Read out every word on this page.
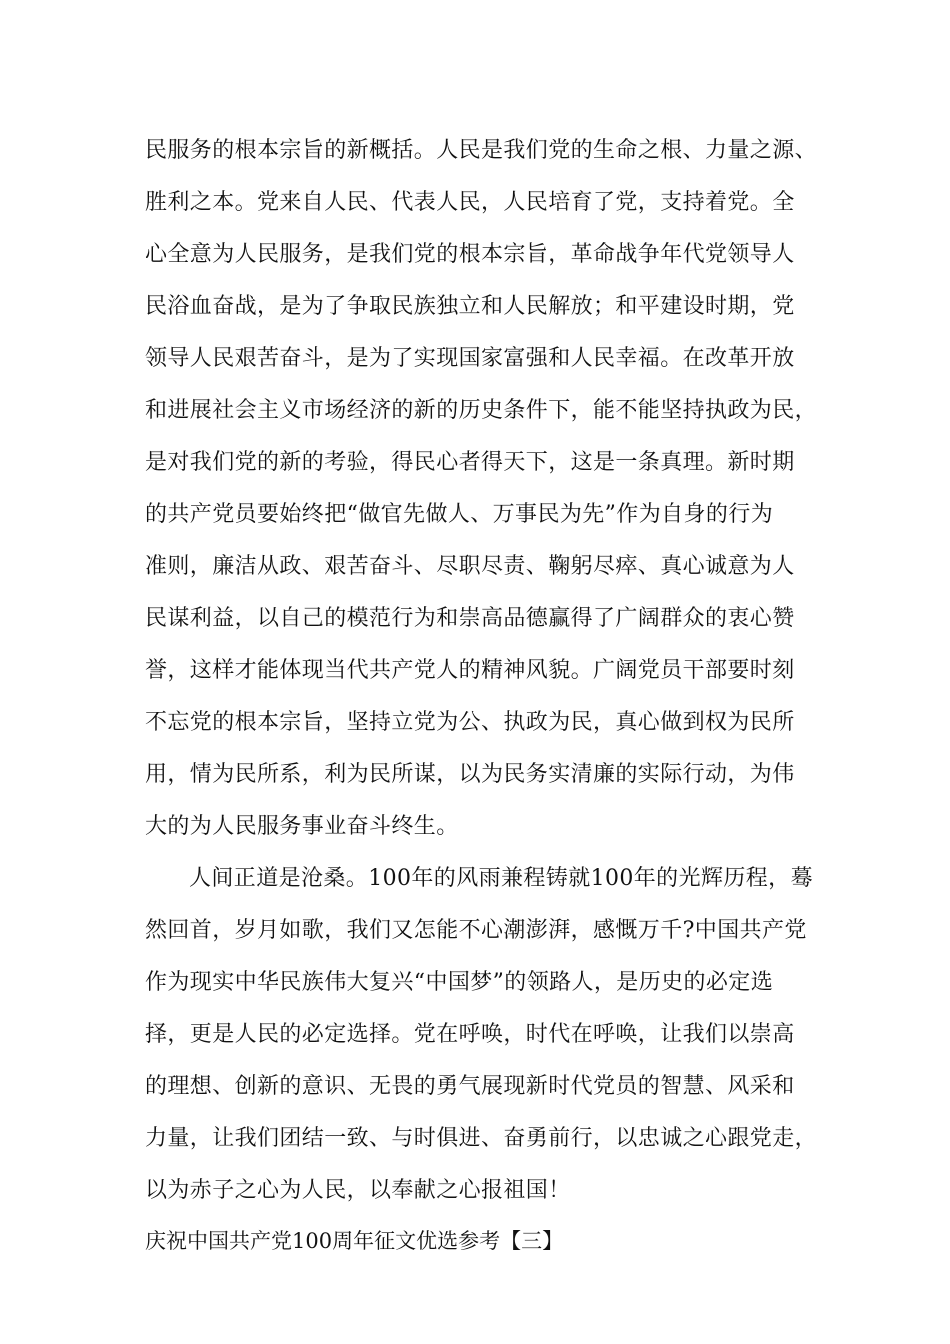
民服务的根本宗旨的新概括。人民是我们党的生命之根、力量之源、
胜利之本。党来自人民、代表人民，人民培育了党，支持着党。全
心全意为人民服务，是我们党的根本宗旨，革命战争年代党领导人
民浴血奋战，是为了争取民族独立和人民解放；和平建设时期，党
领导人民艰苦奋斗，是为了实现国家富强和人民幸福。在改革开放
和进展社会主义市场经济的新的历史条件下，能不能坚持执政为民，
是对我们党的新的考验，得民心者得天下，这是一条真理。新时期
的共产党员要始终把“做官先做人、万事民为先”作为自身的行为
准则，廉洁从政、艰苦奋斗、尽职尽责、鞠躬尽瘁、真心诚意为人
民谋利益，以自己的模范行为和崇高品德赢得了广阔群众的衷心赞
誉，这样才能体现当代共产党人的精神风貌。广阔党员干部要时刻
不忘党的根本宗旨，坚持立党为公、执政为民，真心做到权为民所
用，情为民所系，利为民所谋，以为民务实清廉的实际行动，为伟
大的为人民服务事业奋斗终生。
人间正道是沧桑。100年的风雨兼程铸就100年的光辉历程，蓦
然回首，岁月如歌，我们又怎能不心潮澎湃，感慨万千?中国共产党
作为现实中华民族伟大复兴“中国梦”的领路人，是历史的必定选
择，更是人民的必定选择。党在呼唤，时代在呼唤，让我们以崇高
的理想、创新的意识、无畏的勇气展现新时代党员的智慧、风采和
力量，让我们团结一致、与时俱进、奋勇前行，以忠诚之心跟党走，
以为赤子之心为人民，以奉献之心报祖国！
庆祝中国共产党100周年征文优选参考【三】
